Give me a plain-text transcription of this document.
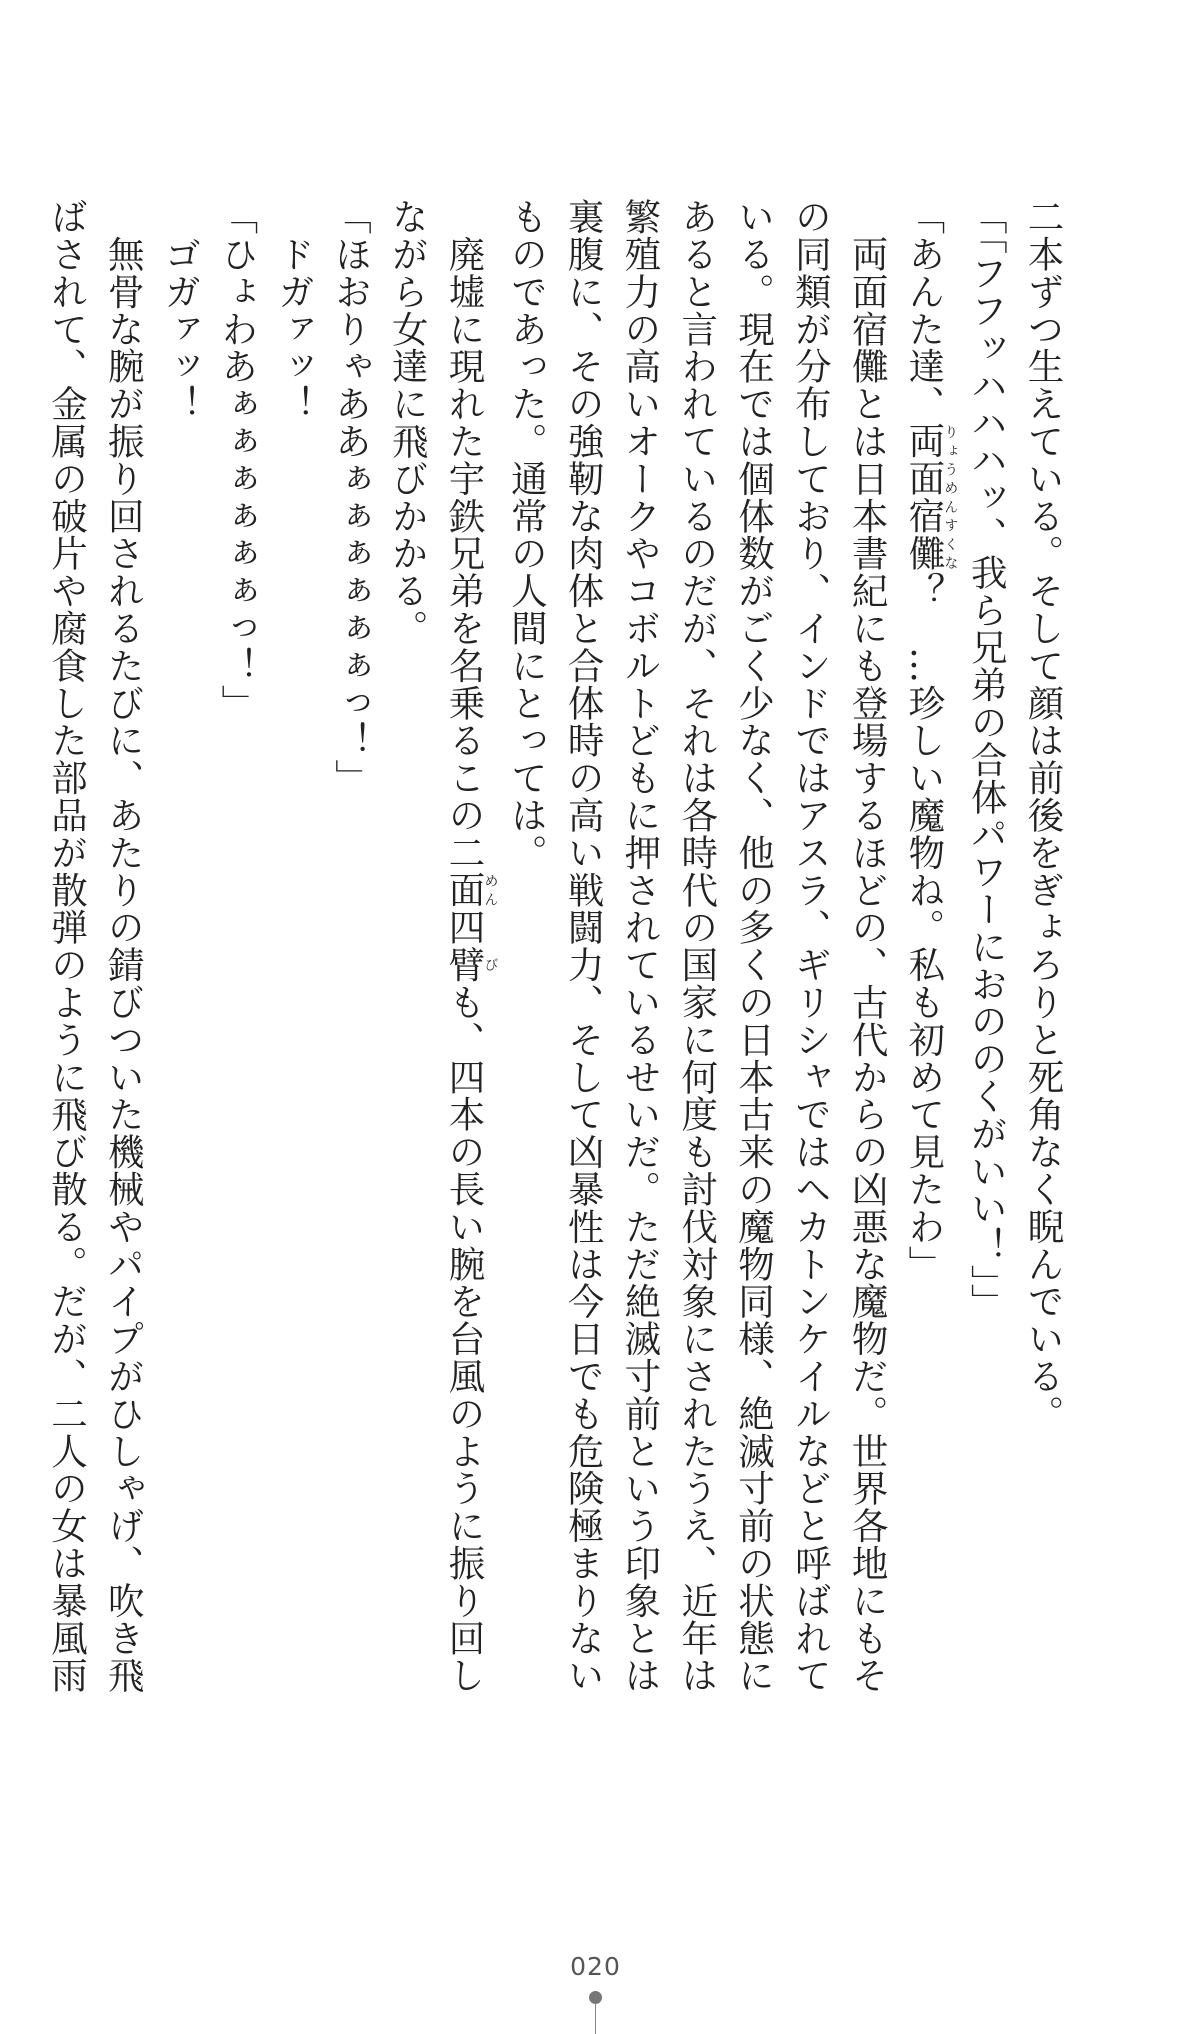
二本ずつ生えている。そして顔は前後をぎょろりと死角なく睨んでいる。

「「フフッハハハッ、我ら兄弟の合体パワーにおののくがいい！」」

「あんた達、両面宿儺りょうめんすくな？　…珍しい魔物ね。私も初めて見たわ」

　両面宿儺とは日本書紀にも登場するほどの、古代からの凶悪な魔物だ。世界各地にもそ

の同類が分布しており、インドではアスラ、ギリシャではヘカトンケイルなどと呼ばれて

いる。現在では個体数がごく少なく、他の多くの日本古来の魔物同様、絶滅寸前の状態に

あると言われているのだが、それは各時代の国家に何度も討伐対象にされたうえ、近年は

繁殖力の高いオークやコボルトどもに押されているせいだ。ただ絶滅寸前という印象とは

裏腹に、その強靭な肉体と合体時の高い戦闘力、そして凶暴性は今日でも危険極まりない

ものであった。通常の人間にとっては。

　廃墟に現れた宇鉄兄弟を名乗るこの二面めん四臂びも、四本の長い腕を台風のように振り回し

ながら女達に飛びかかる。

「ほおりゃああぁぁぁぁぁぁっ！」

　ドガァッ！

「ひょわあぁぁぁぁぁぁっ！」

　ゴガァッ！

　無骨な腕が振り回されるたびに、あたりの錆びついた機械やパイプがひしゃげ、吹き飛

ばされて、金属の破片や腐食した部品が散弾のように飛び散る。だが、二人の女は暴風雨

020
